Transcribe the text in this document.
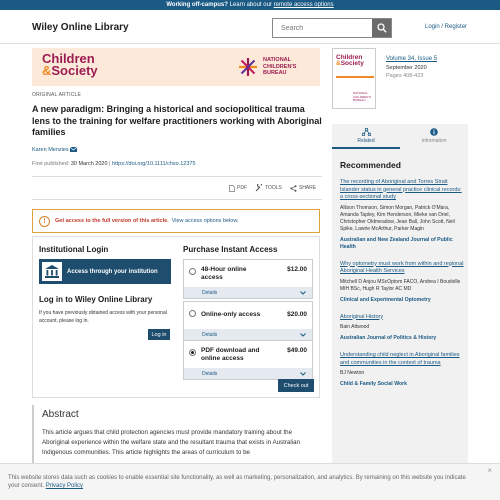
Working off-campus? Learn about our remote access options
Wiley Online Library
Search	Login / Register
Children
&Society
NATIONAL CHILDREN'S BUREAU
ORIGINAL ARTICLE
A new paradigm: Bringing a historical and sociopolitical trauma lens to the training for welfare practitioners working with Aboriginal families
Karen Menzies
First published: 30 March 2020 | https://doi.org/10.1111/chso.12375
PDF	TOOLS	SHARE
!	Get access to the full version of this article. View access options below.
Institutional Login
Access through your institution
Log in to Wiley Online Library
If you have previously obtained access with your personal account, please log in.
Log in
Purchase Instant Access
48-Hour online access
$12.00
Details
Online-only access	$20.00
Details
PDF download and online access
$49.00
Details
Check out
Abstract
This article argues that child protection agencies must provide mandatory training about the Aboriginal experience within the welfare state and the resultant trauma that exists in Australian Indigenous communities. This article highlights the areas of curriculum to be
Children
&Society
NATIONAL CHILDREN'S BUREAU
Volume 34, Issue 5
September 2020
Pages 408-423
Related	Information
Recommended
The recording of Aboriginal and Torres Strait Islander status in general practice clinical records: a cross-sectional study
Allison Thomson, Simon Morgan, Patrick O'Mara, Amanda Tapley, Kim Henderson, Mieke van Driel, Christopher Oldmeadow, Jean Ball, John Scott, Neil Spike, Lawrie McArthur, Parker Magin
Australian and New Zealand Journal of Public Health
Why optometry must work from within and regional Aboriginal Health Services
Mitchell D Anjou MScOptom FACO, Andrea I Boudville MIH BSc, Hugh R Taylor AC MD
Clinical and Experimental Optometry
Aboriginal History
Bain Attwood
Australian Journal of Politics & History
Understanding child neglect in Aboriginal families and communities in the context of trauma
BJ Newton
Child & Family Social Work
×
This website stores data such as cookies to enable essential site functionality, as well as marketing, personalization, and analytics. By remaining on this website you indicate your consent. Privacy Policy
